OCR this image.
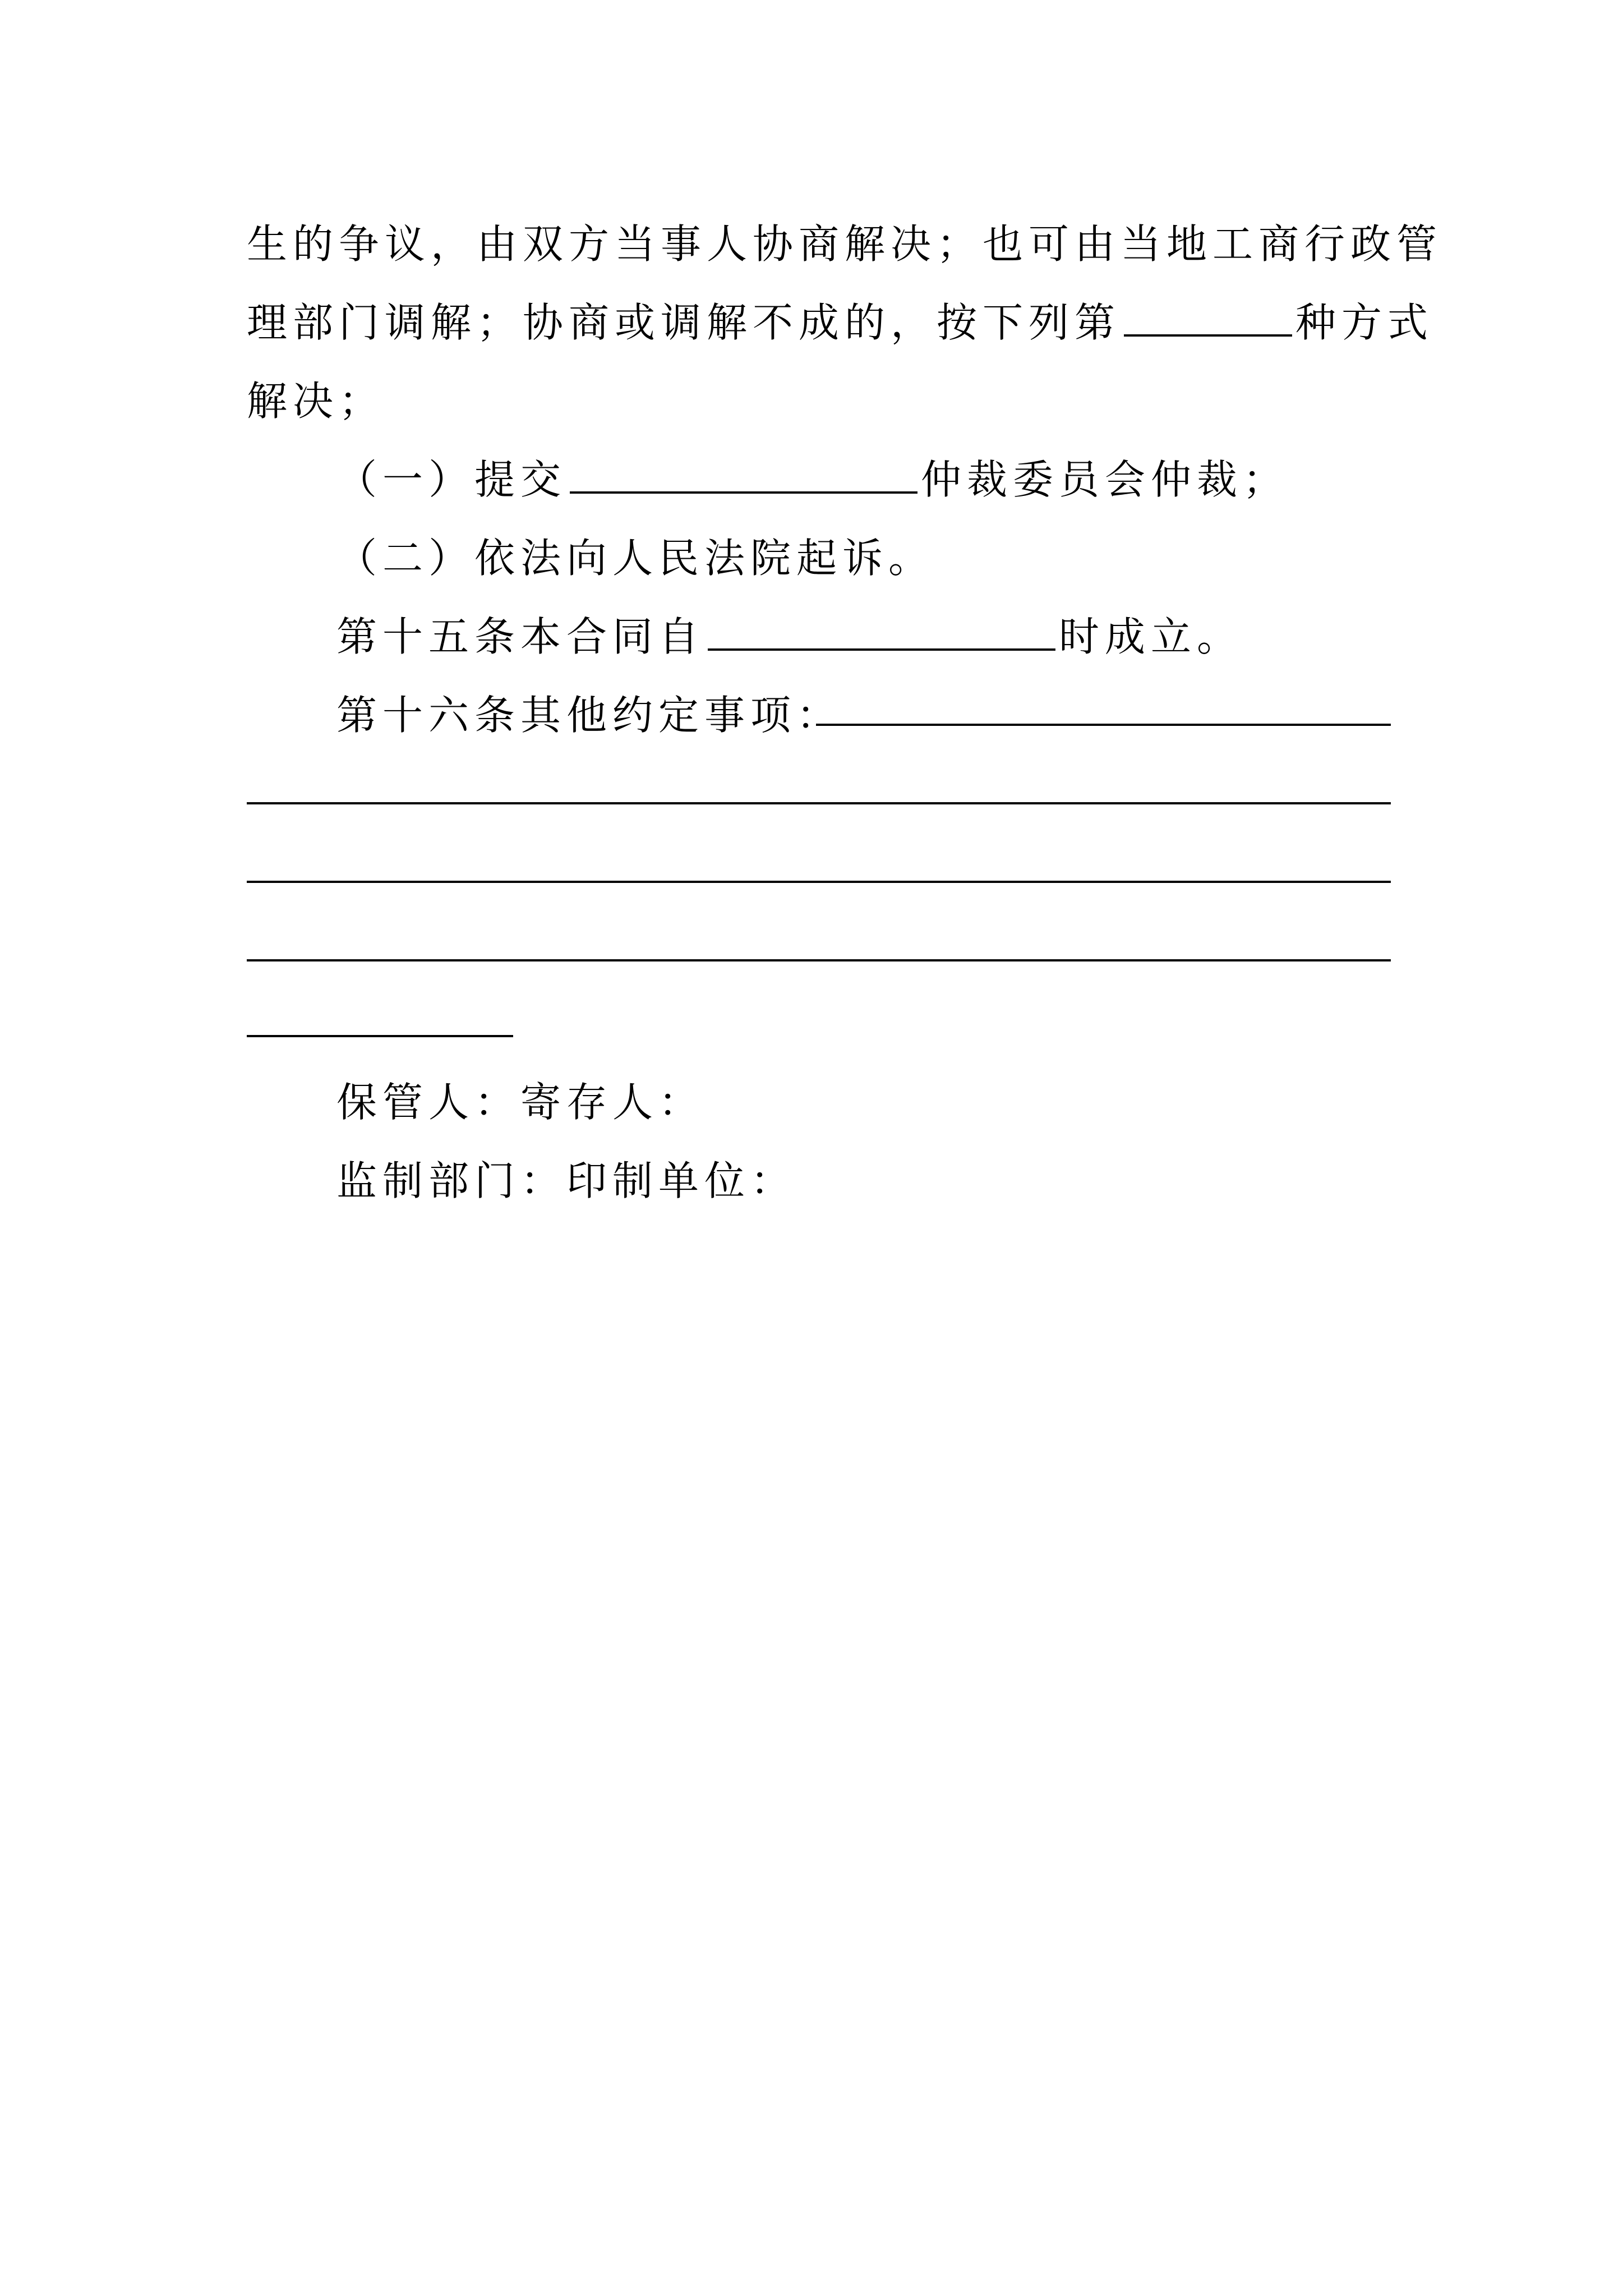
生的争议，由双方当事人协商解决；也可由当地工商行政管
理部门调解；协商或调解不成的，按下列第	种方式
解决；
（一）提交	仲裁委员会仲裁；
（二）依法向人民法院起诉。
第十五条本合同自	时成立。
第十六条其他约定事项：
保管人：寄存人：
监制部门：印制单位：
